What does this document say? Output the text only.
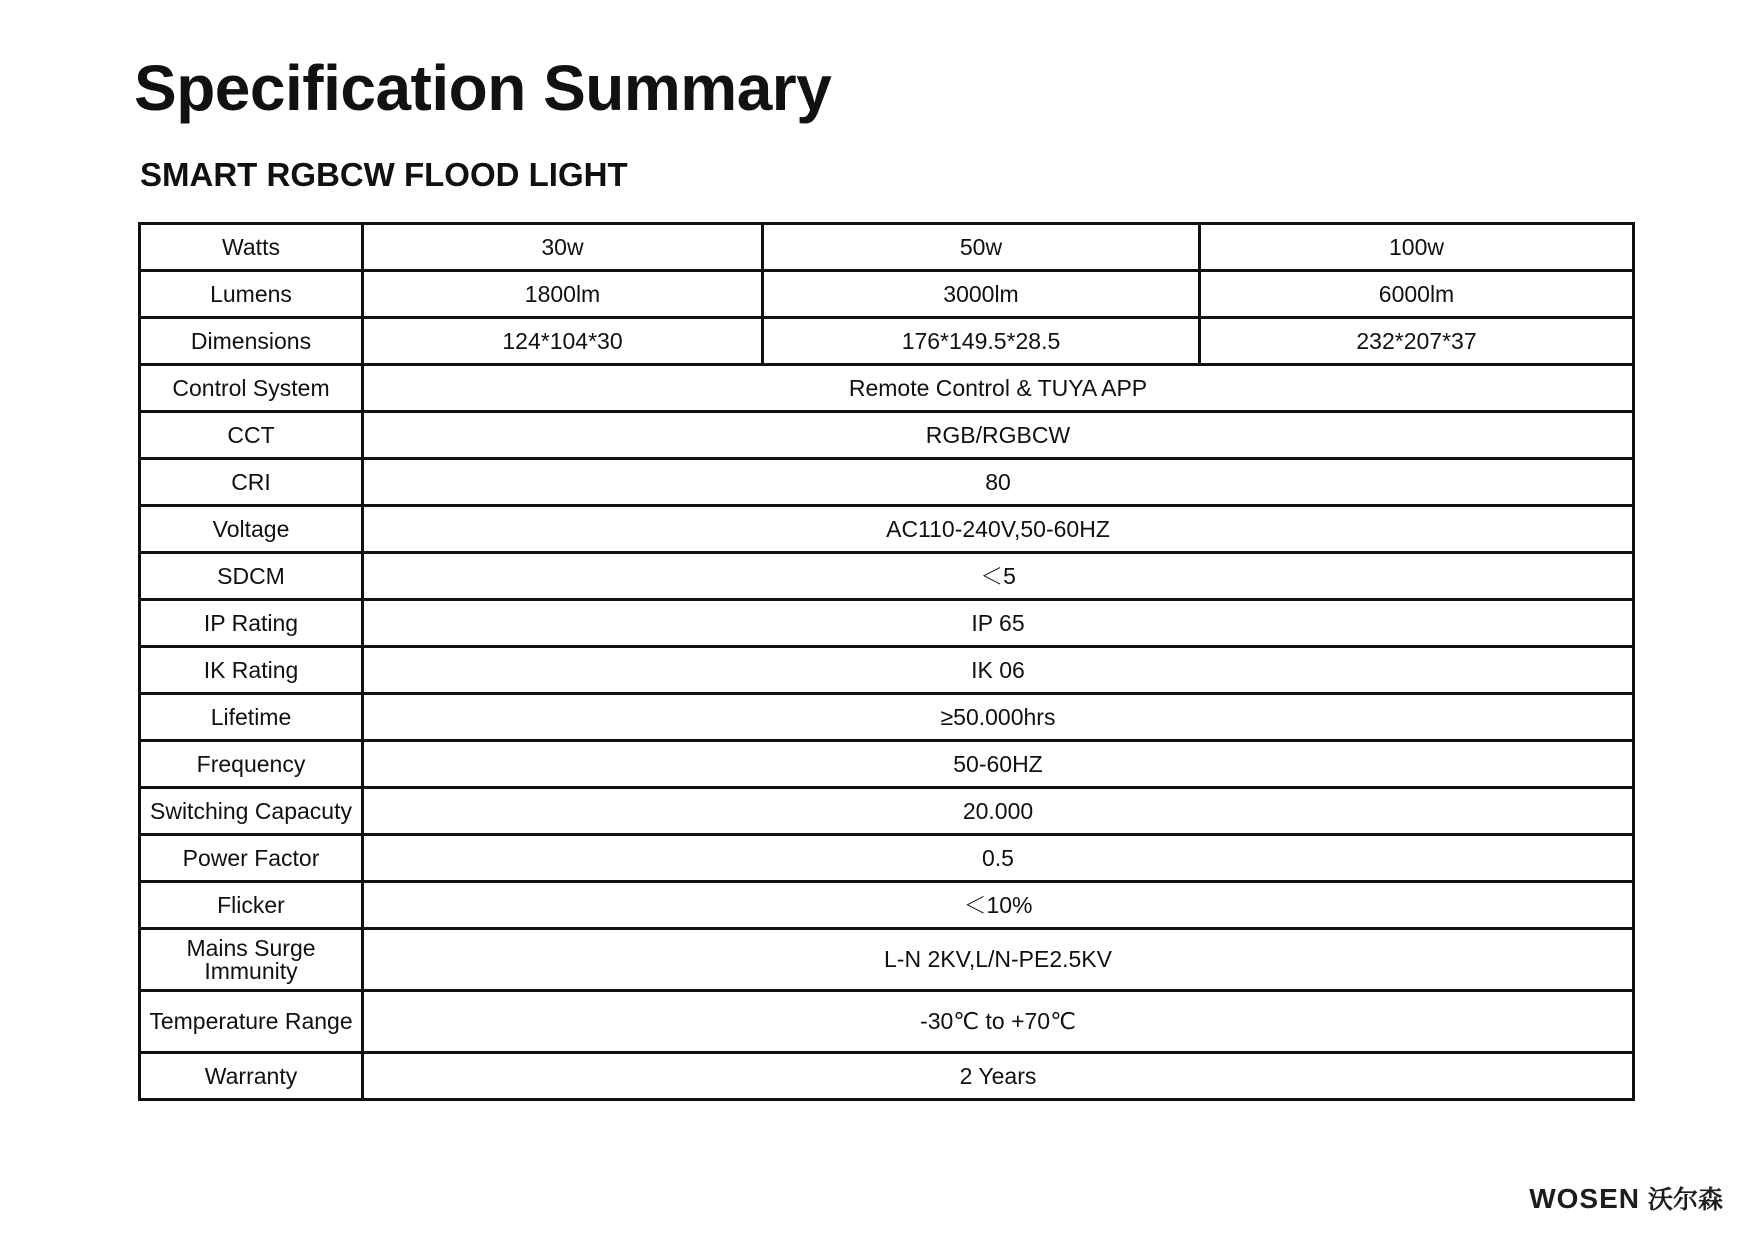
Specification Summary
SMART RGBCW FLOOD LIGHT
Watts	30w	50w	100w
Lumens	1800lm	3000lm	6000lm
Dimensions	124*104*30	176*149.5*28.5	232*207*37
Control System	Remote Control & TUYA APP		
CCT	RGB/RGBCW		
CRI	80		
Voltage	AC110-240V,50-60HZ		
SDCM	＜5		
IP Rating	IP 65		
IK Rating	IK 06		
Lifetime	≥50.000hrs		
Frequency	50-60HZ		
Switching Capacuty	20.000		
Power Factor	0.5		
Flicker	＜10%		
Mains Surge Immunity	L-N 2KV,L/N-PE2.5KV		
Temperature Range	-30℃ to +70℃		
Warranty	2 Years		
WOSEN 沃尔森
